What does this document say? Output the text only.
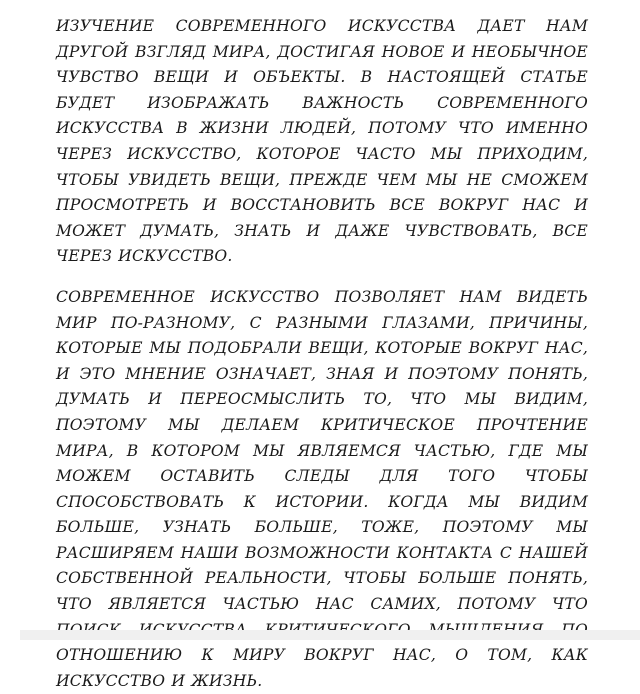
ИЗУЧЕНИЕ СОВРЕМЕННОГО ИСКУССТВА ДАЕТ НАМ ДРУГОЙ ВЗГЛЯД МИРА, ДОСТИГАЯ НОВОЕ И НЕОБЫЧНОЕ ЧУВСТВО ВЕЩИ И ОБЪЕКТЫ. В НАСТОЯЩЕЙ СТАТЬЕ БУДЕТ ИЗОБРАЖАТЬ ВАЖНОСТЬ СОВРЕМЕННОГО ИСКУССТВА В ЖИЗНИ ЛЮДЕЙ, ПОТОМУ ЧТО ИМЕННО ЧЕРЕЗ ИСКУССТВО, КОТОРОЕ ЧАСТО МЫ ПРИХОДИМ, ЧТОБЫ УВИДЕТЬ ВЕЩИ, ПРЕЖДЕ ЧЕМ МЫ НЕ СМОЖЕМ ПРОСМОТРЕТЬ И ВОССТАНОВИТЬ ВСЕ ВОКРУГ НАС И МОЖЕТ ДУМАТЬ, ЗНАТЬ И ДАЖЕ ЧУВСТВОВАТЬ, ВСЕ ЧЕРЕЗ ИСКУССТВО.

СОВРЕМЕННОЕ ИСКУССТВО ПОЗВОЛЯЕТ НАМ ВИДЕТЬ МИР ПО-РАЗНОМУ, С РАЗНЫМИ ГЛАЗАМИ, ПРИЧИНЫ, КОТОРЫЕ МЫ ПОДОБРАЛИ ВЕЩИ, КОТОРЫЕ ВОКРУГ НАС, И ЭТО МНЕНИЕ ОЗНАЧАЕТ, ЗНАЯ И ПОЭТОМУ ПОНЯТЬ, ДУМАТЬ И ПЕРЕОСМЫСЛИТЬ ТО, ЧТО МЫ ВИДИМ, ПОЭТОМУ МЫ ДЕЛАЕМ КРИТИЧЕСКОЕ ПРОЧТЕНИЕ МИРА, В КОТОРОМ МЫ ЯВЛЯЕМСЯ ЧАСТЬЮ, ГДЕ МЫ МОЖЕМ ОСТАВИТЬ СЛЕДЫ ДЛЯ ТОГО ЧТОБЫ СПОСОБСТВОВАТЬ К ИСТОРИИ. КОГДА МЫ ВИДИМ БОЛЬШЕ, УЗНАТЬ БОЛЬШЕ, ТОЖЕ, ПОЭТОМУ МЫ РАСШИРЯЕМ НАШИ ВОЗМОЖНОСТИ КОНТАКТА С НАШЕЙ СОБСТВЕННОЙ РЕАЛЬНОСТИ, ЧТОБЫ БОЛЬШЕ ПОНЯТЬ, ЧТО ЯВЛЯЕТСЯ ЧАСТЬЮ НАС САМИХ, ПОТОМУ ЧТО ОТНОШЕНИЮ К МИРУ ВОКРУГ НАС, О ТОМ, КАК ИСКУССТВО И ЖИЗНЬ.
